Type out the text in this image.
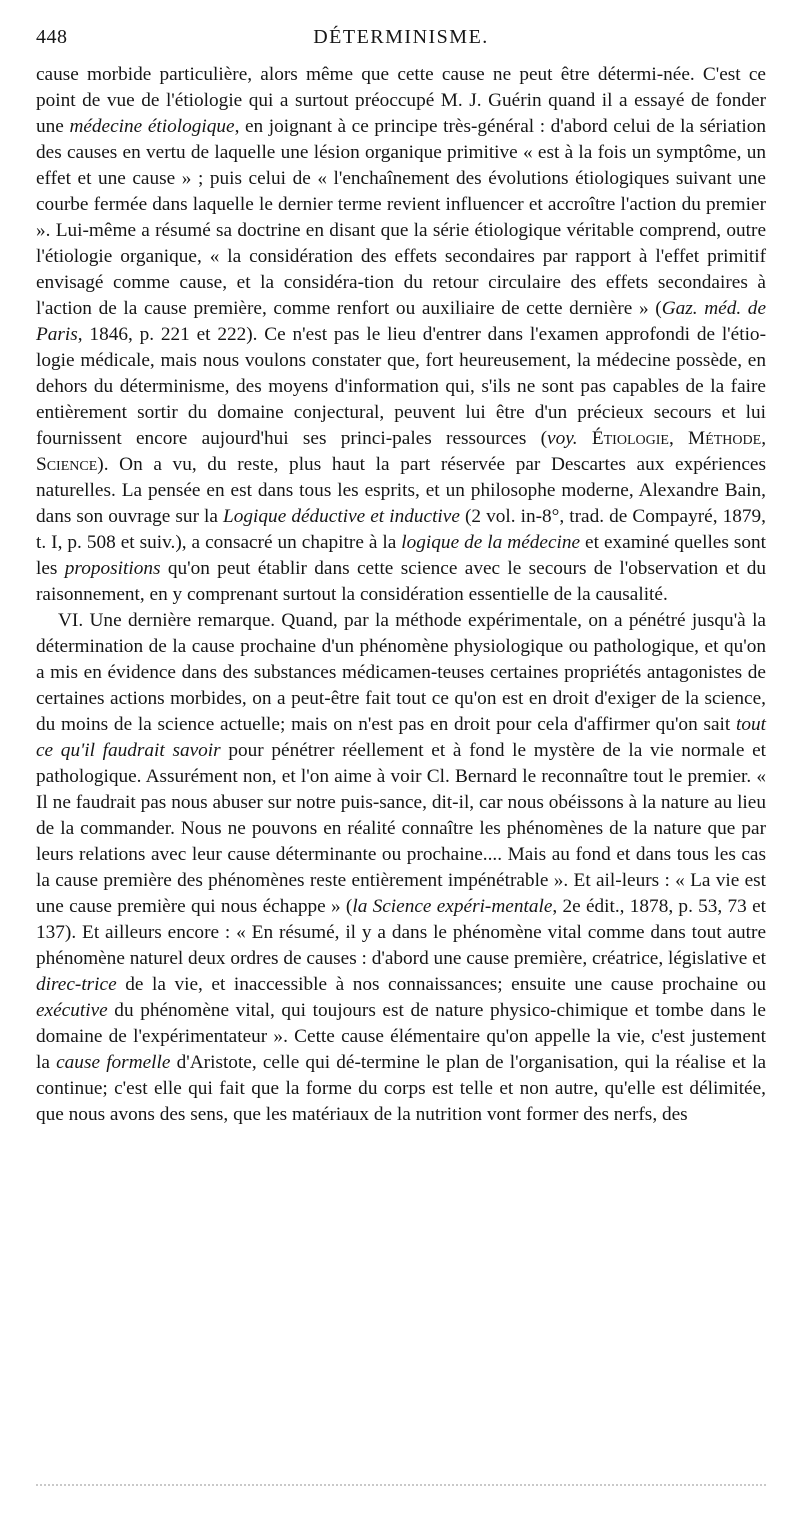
448	DÉTERMINISME.

cause morbide particulière, alors même que cette cause ne peut être détermi-née. C'est ce point de vue de l'étiologie qui a surtout préoccupé M. J. Guérin quand il a essayé de fonder une médecine étiologique, en joignant à ce principe très-général : d'abord celui de la sériation des causes en vertu de laquelle une lésion organique primitive « est à la fois un symptôme, un effet et une cause » ; puis celui de « l'enchaînement des évolutions étiologiques suivant une courbe fermée dans laquelle le dernier terme revient influencer et accroître l'action du premier ». Lui-même a résumé sa doctrine en disant que la série étiologique véritable comprend, outre l'étiologie organique, « la considération des effets secondaires par rapport à l'effet primitif envisagé comme cause, et la considéra-tion du retour circulaire des effets secondaires à l'action de la cause première, comme renfort ou auxiliaire de cette dernière » (Gaz. méd. de Paris, 1846, p. 221 et 222). Ce n'est pas le lieu d'entrer dans l'examen approfondi de l'étio-logie médicale, mais nous voulons constater que, fort heureusement, la médecine possède, en dehors du déterminisme, des moyens d'information qui, s'ils ne sont pas capables de la faire entièrement sortir du domaine conjectural, peuvent lui être d'un précieux secours et lui fournissent encore aujourd'hui ses princi-pales ressources (voy. Étiologie, Méthode, Science). On a vu, du reste, plus haut la part réservée par Descartes aux expériences naturelles. La pensée en est dans tous les esprits, et un philosophe moderne, Alexandre Bain, dans son ouvrage sur la Logique déductive et inductive (2 vol. in-8°, trad. de Compayré, 1879, t. I, p. 508 et suiv.), a consacré un chapitre à la logique de la médecine et examiné quelles sont les propositions qu'on peut établir dans cette science avec le secours de l'observation et du raisonnement, en y comprenant surtout la considération essentielle de la causalité.

VI. Une dernière remarque. Quand, par la méthode expérimentale, on a pénétré jusqu'à la détermination de la cause prochaine d'un phénomène physiologique ou pathologique, et qu'on a mis en évidence dans des substances médicamen-teuses certaines propriétés antagonistes de certaines actions morbides, on a peut-être fait tout ce qu'on est en droit d'exiger de la science, du moins de la science actuelle; mais on n'est pas en droit pour cela d'affirmer qu'on sait tout ce qu'il faudrait savoir pour pénétrer réellement et à fond le mystère de la vie normale et pathologique. Assurément non, et l'on aime à voir Cl. Bernard le reconnaître tout le premier. « Il ne faudrait pas nous abuser sur notre puis-sance, dit-il, car nous obéissons à la nature au lieu de la commander. Nous ne pouvons en réalité connaître les phénomènes de la nature que par leurs relations avec leur cause déterminante ou prochaine.... Mais au fond et dans tous les cas la cause première des phénomènes reste entièrement impénétrable ». Et ail-leurs : « La vie est une cause première qui nous échappe » (la Science expéri-mentale, 2e édit., 1878, p. 53, 73 et 137). Et ailleurs encore : « En résumé, il y a dans le phénomène vital comme dans tout autre phénomène naturel deux ordres de causes : d'abord une cause première, créatrice, législative et direc-trice de la vie, et inaccessible à nos connaissances; ensuite une cause prochaine ou exécutive du phénomène vital, qui toujours est de nature physico-chimique et tombe dans le domaine de l'expérimentateur ». Cette cause élémentaire qu'on appelle la vie, c'est justement la cause formelle d'Aristote, celle qui dé-termine le plan de l'organisation, qui la réalise et la continue; c'est elle qui fait que la forme du corps est telle et non autre, qu'elle est délimitée, que nous avons des sens, que les matériaux de la nutrition vont former des nerfs, des
